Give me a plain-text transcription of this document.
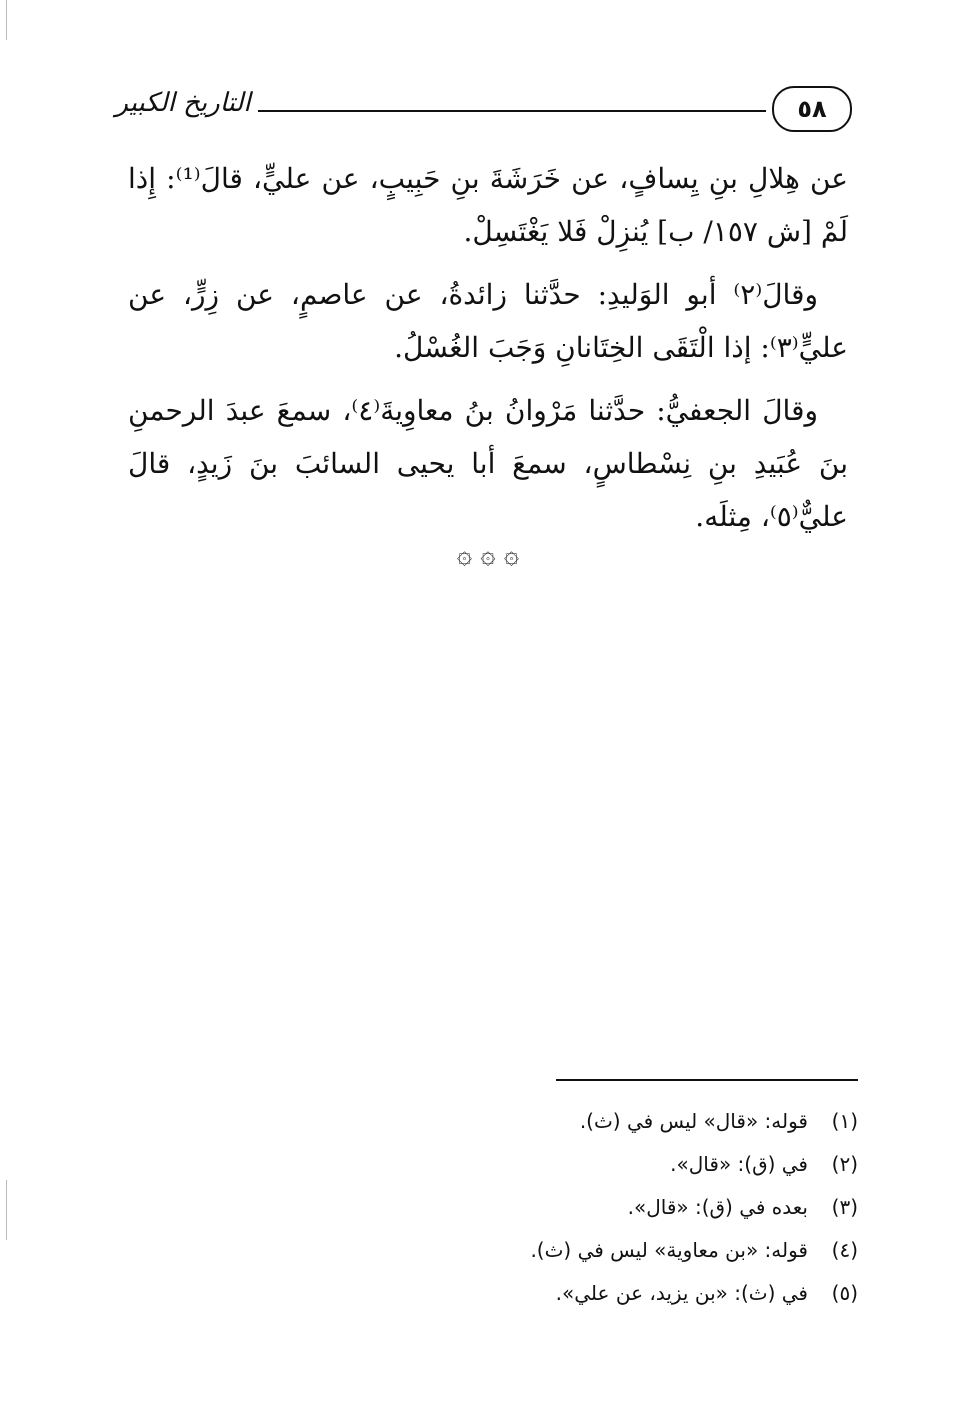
٥٨
التاريخ الكبير

عن هِلالِ بنِ يِسافٍ، عن خَرَشَةَ بنِ حَبِيبٍ، عن عليٍّ، قالَ⁽¹⁾: إِذا لَمْ [ش ١٥٧/ ب] يُنزِلْ فَلا يَغْتَسِلْ.

وقالَ⁽٢⁾ أبو الوَليدِ: حدَّثنا زائدةُ، عن عاصمٍ، عن زِرٍّ، عن عليٍّ⁽٣⁾: إذا الْتَقَى الخِتَانانِ وَجَبَ الغُسْلُ.

وقالَ الجعفيُّ: حدَّثنا مَرْوانُ بنُ معاوِيةَ⁽٤⁾، سمعَ عبدَ الرحمنِ بنَ عُبَيدِ بنِ نِسْطاسٍ، سمعَ أبا يحيى السائبَ بنَ زَيدٍ، قالَ عليٌّ⁽٥⁾، مِثلَه.

۞ ۞ ۞
(١)
قوله: «قال» ليس في (ث).
(٢)
في (ق): «قال».
(٣)
بعده في (ق): «قال».
(٤)
قوله: «بن معاوية» ليس في (ث).
(٥)
في (ث): «بن يزيد، عن علي».
